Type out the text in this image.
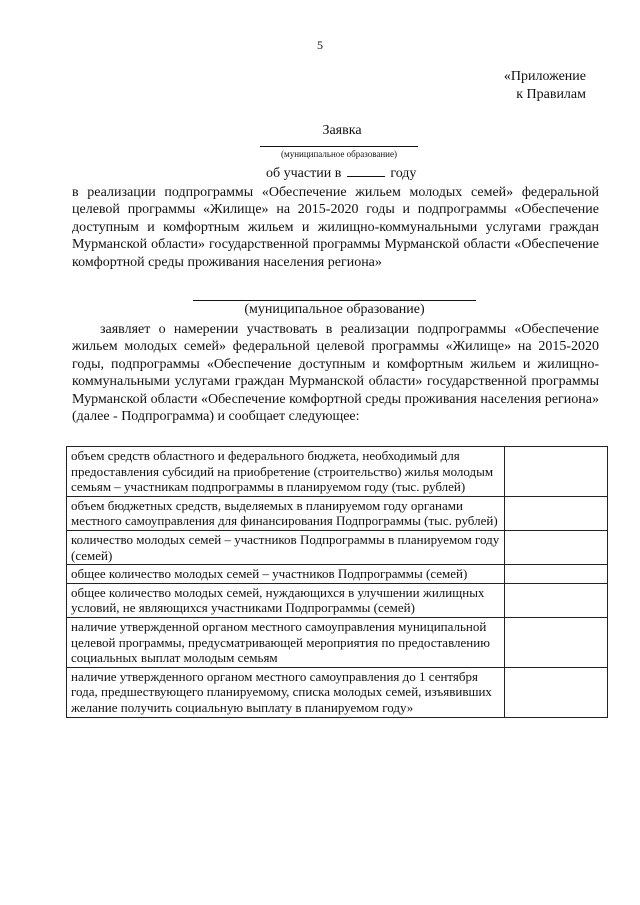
5
«Приложение
к Правилам
Заявка
(муниципальное образование)
об участии в	году
в реализации подпрограммы «Обеспечение жильем молодых семей» федеральной целевой программы «Жилище» на 2015-2020 годы и подпрограммы «Обеспечение доступным и комфортным жильем и жилищно-коммунальными услугами граждан Мурманской области» государственной программы Мурманской области «Обеспечение комфортной среды проживания населения региона»
(муниципальное образование)
заявляет о намерении участвовать в реализации подпрограммы «Обеспечение жильем молодых семей» федеральной целевой программы «Жилище» на 2015-2020 годы, подпрограммы «Обеспечение доступным и комфортным жильем и жилищно-коммунальными услугами граждан Мурманской области» государственной программы Мурманской области «Обеспечение комфортной среды проживания населения региона» (далее - Подпрограмма) и сообщает следующее:
объем средств областного и федерального бюджета, необходимый для предоставления субсидий на приобретение (строительство) жилья молодым семьям – участникам подпрограммы в планируемом году (тыс. рублей)	
объем бюджетных средств, выделяемых в планируемом году органами местного самоуправления для финансирования Подпрограммы (тыс. рублей)	
количество молодых семей – участников Подпрограммы в планируемом году (семей)	
общее количество молодых семей – участников Подпрограммы (семей)	
общее количество молодых семей, нуждающихся в улучшении жилищных условий, не являющихся участниками Подпрограммы (семей)	
наличие утвержденной органом местного самоуправления муниципальной целевой программы, предусматривающей мероприятия по предоставлению социальных выплат молодым семьям	
наличие утвержденного органом местного самоуправления до 1 сентября года, предшествующего планируемому, списка молодых семей, изъявивших желание получить социальную выплату в планируемом году»	
